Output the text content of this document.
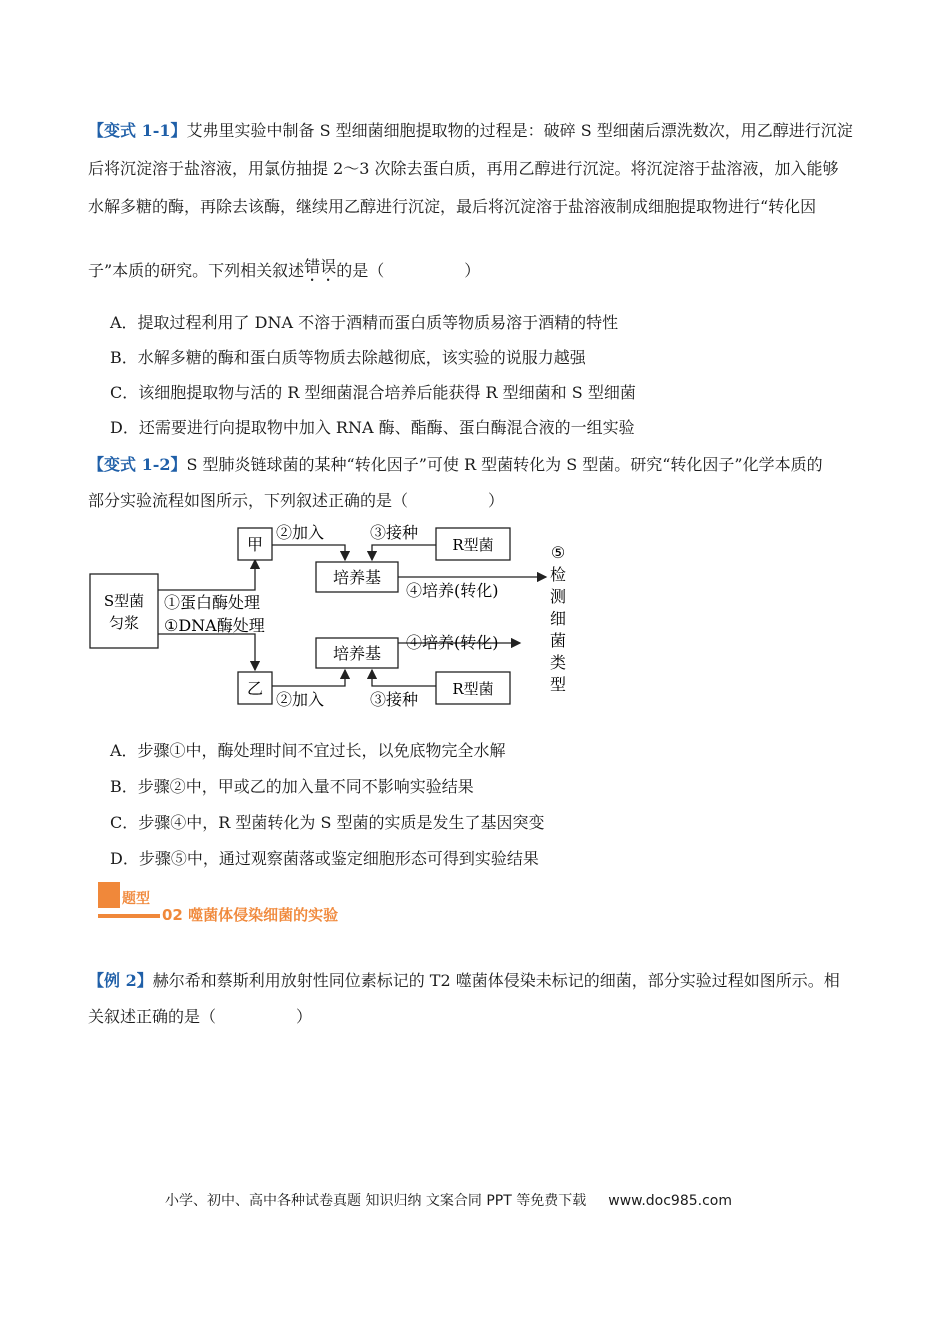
【变式 1-1】艾弗里实验中制备 S 型细菌细胞提取物的过程是：破碎 S 型细菌后漂洗数次，用乙醇进行沉淀
后将沉淀溶于盐溶液，用氯仿抽提 2～3 次除去蛋白质，再用乙醇进行沉淀。将沉淀溶于盐溶液，加入能够
水解多糖的酶，再除去该酶，继续用乙醇进行沉淀，最后将沉淀溶于盐溶液制成细胞提取物进行“转化因
子”本质的研究。下列相关叙述错误的是（　　　　　）
A．提取过程利用了 DNA 不溶于酒精而蛋白质等物质易溶于酒精的特性
B．水解多糖的酶和蛋白质等物质去除越彻底，该实验的说服力越强
C．该细胞提取物与活的 R 型细菌混合培养后能获得 R 型细菌和 S 型细菌
D．还需要进行向提取物中加入 RNA 酶、酯酶、蛋白酶混合液的一组实验
【变式 1-2】S 型肺炎链球菌的某种“转化因子”可使 R 型菌转化为 S 型菌。研究“转化因子”化学本质的
部分实验流程如图所示，下列叙述正确的是（　　　　　）
S型菌
匀浆
①蛋白酶处理
①DNA酶处理
甲
乙
②加入	③接种
R型菌
培养基
④培养(转化)
培养基
④培养(转化)
②加入	③接种
R型菌
⑤
检
测
细
菌
类
型
A．步骤①中，酶处理时间不宜过长，以免底物完全水解
B．步骤②中，甲或乙的加入量不同不影响实验结果
C．步骤④中，R 型菌转化为 S 型菌的实质是发生了基因突变
D．步骤⑤中，通过观察菌落或鉴定细胞形态可得到实验结果
题型
02 噬菌体侵染细菌的实验
【例 2】赫尔希和蔡斯利用放射性同位素标记的 T2 噬菌体侵染未标记的细菌，部分实验过程如图所示。相
关叙述正确的是（　　　　　）
小学、初中、高中各种试卷真题 知识归纳 文案合同 PPT 等免费下载 www.doc985.com
